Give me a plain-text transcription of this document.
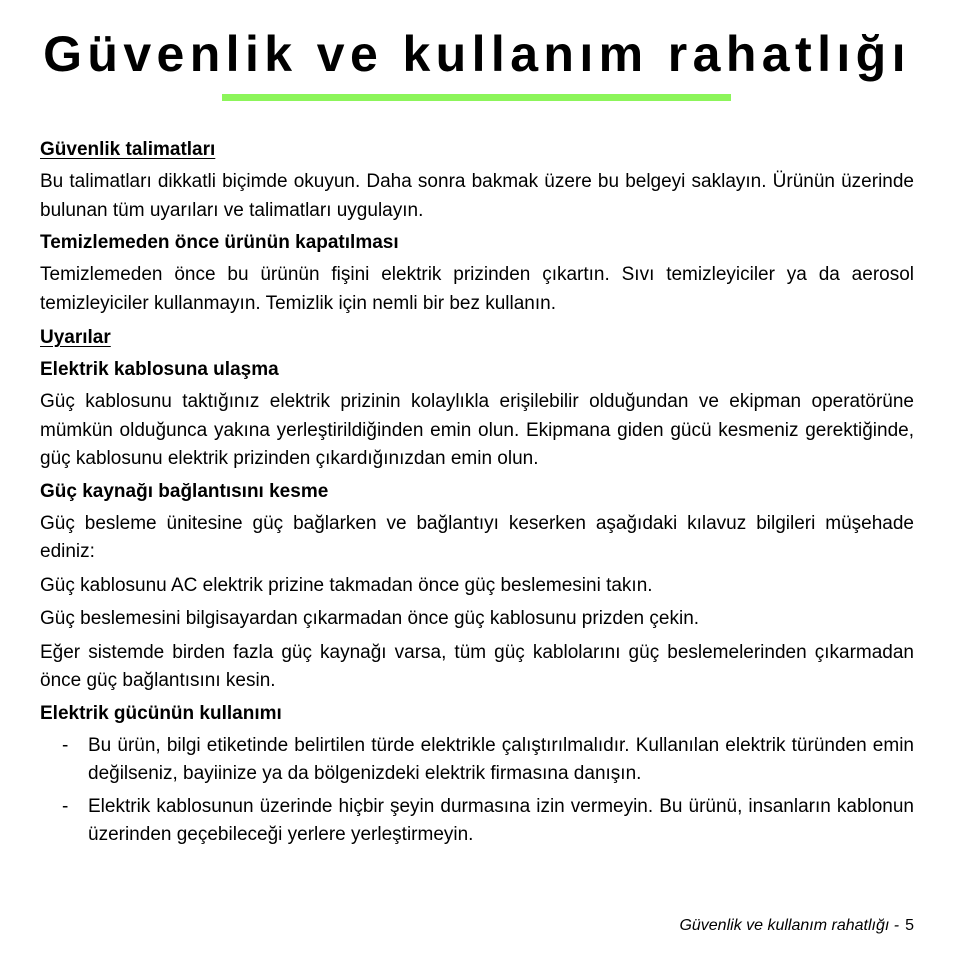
Güvenlik ve kullanım rahatlığı

Güvenlik talimatları

Bu talimatları dikkatli biçimde okuyun. Daha sonra bakmak üzere bu belgeyi saklayın. Ürünün üzerinde bulunan tüm uyarıları ve talimatları uygulayın.

Temizlemeden önce ürünün kapatılması

Temizlemeden önce bu ürünün fişini elektrik prizinden çıkartın. Sıvı temizleyiciler ya da aerosol temizleyiciler kullanmayın. Temizlik için nemli bir bez kullanın.

Uyarılar

Elektrik kablosuna ulaşma

Güç kablosunu taktığınız elektrik prizinin kolaylıkla erişilebilir olduğundan ve ekipman operatörüne mümkün olduğunca yakına yerleştirildiğinden emin olun. Ekipmana giden gücü kesmeniz gerektiğinde, güç kablosunu elektrik prizinden çıkardığınızdan emin olun.

Güç kaynağı bağlantısını kesme

Güç besleme ünitesine güç bağlarken ve bağlantıyı keserken aşağıdaki kılavuz bilgileri müşehade ediniz:

Güç kablosunu AC elektrik prizine takmadan önce güç beslemesini takın.

Güç beslemesini bilgisayardan çıkarmadan önce güç kablosunu prizden çekin.

Eğer sistemde birden fazla güç kaynağı varsa, tüm güç kablolarını güç beslemelerinden çıkarmadan önce güç bağlantısını kesin.

Elektrik gücünün kullanımı

- Bu ürün, bilgi etiketinde belirtilen türde elektrikle çalıştırılmalıdır. Kullanılan elektrik türünden emin değilseniz, bayiinize ya da bölgenizdeki elektrik firmasına danışın.
- Elektrik kablosunun üzerinde hiçbir şeyin durmasına izin vermeyin. Bu ürünü, insanların kablonun üzerinden geçebileceği yerlere yerleştirmeyin.
Güvenlik ve kullanım rahatlığı - 5
